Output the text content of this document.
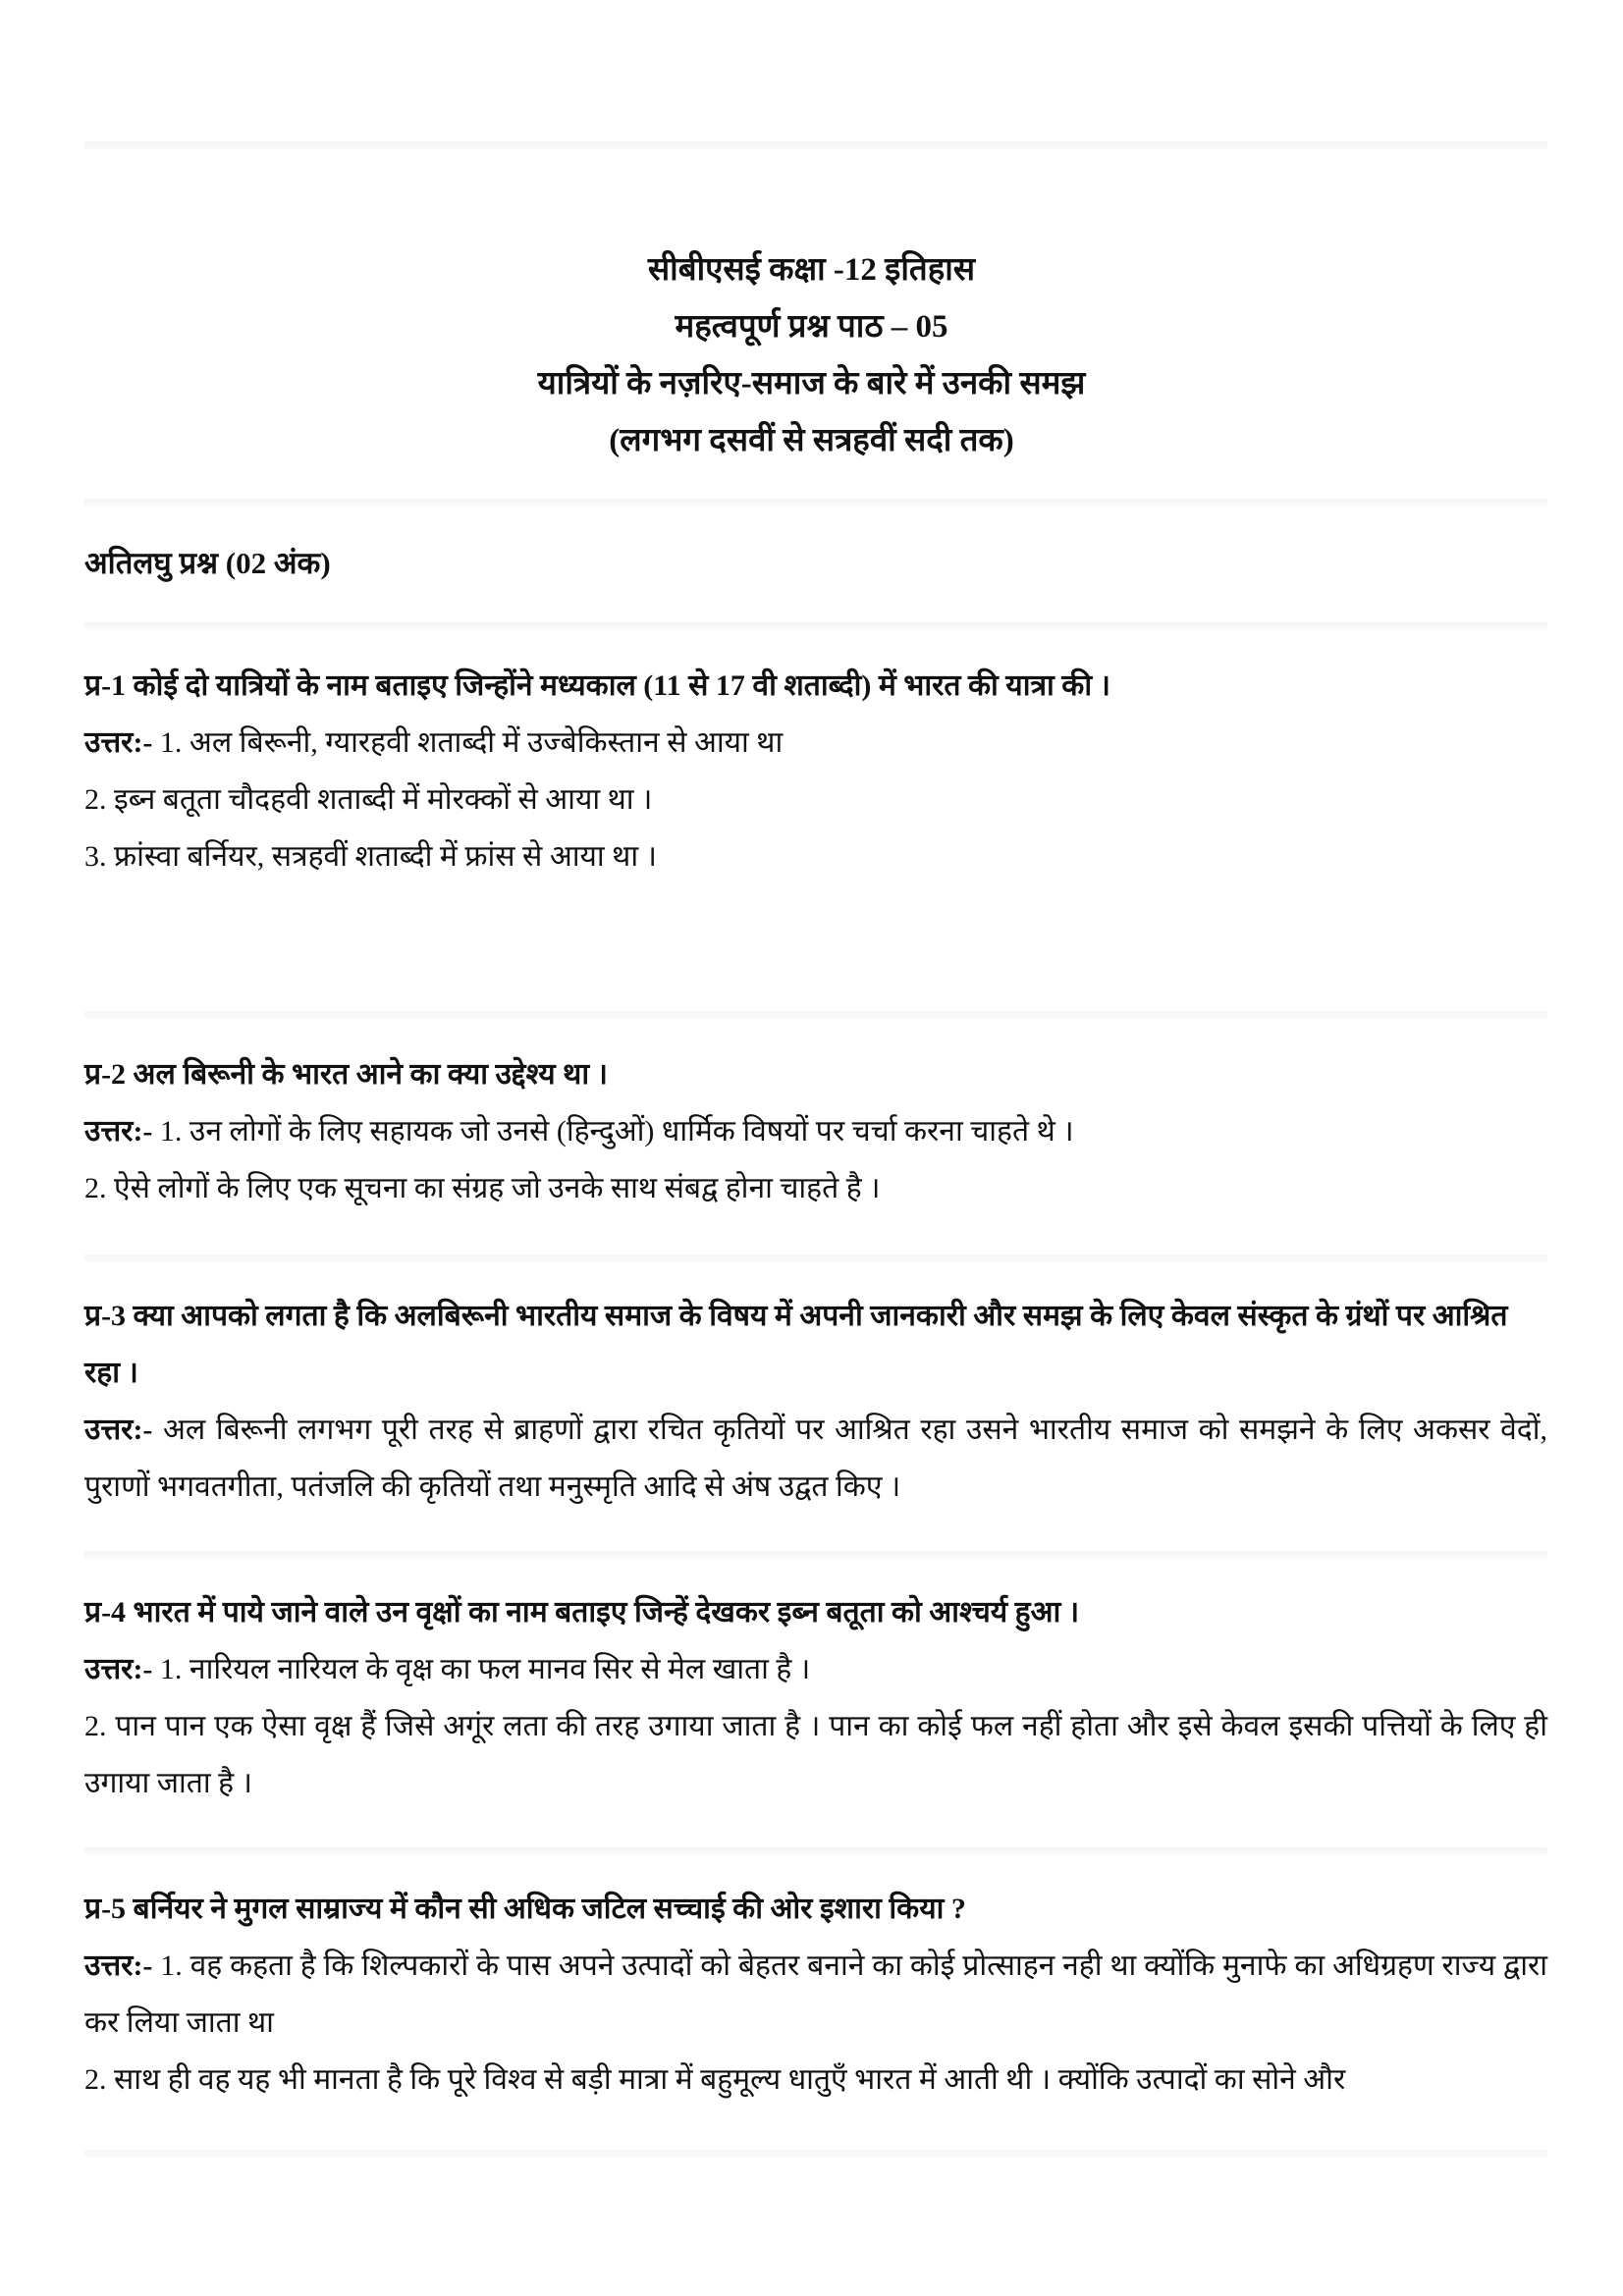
सीबीएसई कक्षा -12 इतिहास
महत्वपूर्ण प्रश्न पाठ – 05
यात्रियों के नज़रिए-समाज के बारे में उनकी समझ
(लगभग दसवीं से सत्रहवीं सदी तक)
अतिलघु प्रश्न (02 अंक)
प्र-1 कोई दो यात्रियों के नाम बताइए जिन्होंने मध्यकाल (11 से 17 वी शताब्दी) में भारत की यात्रा की ।
उत्तर:- 1. अल बिरूनी, ग्यारहवी शताब्दी में उज्बेकिस्तान से आया था
2. इब्न बतूता चौदहवी शताब्दी में मोरक्कों से आया था ।
3. फ्रांस्वा बर्नियर, सत्रहवीं शताब्दी में फ्रांस से आया था ।
प्र-2 अल बिरूनी के भारत आने का क्या उद्देश्य था ।
उत्तर:- 1. उन लोगों के लिए सहायक जो उनसे (हिन्दुओं) धार्मिक विषयों पर चर्चा करना चाहते थे ।
2. ऐसे लोगों के लिए एक सूचना का संग्रह जो उनके साथ संबद्व होना चाहते है ।
प्र-3 क्या आपको लगता है कि अलबिरूनी भारतीय समाज के विषय में अपनी जानकारी और समझ के लिए केवल संस्कृत के ग्रंथों पर आश्रित रहा ।
उत्तर:- अल बिरूनी लगभग पूरी तरह से ब्राहणों द्वारा रचित कृतियों पर आश्रित रहा उसने भारतीय समाज को समझने के लिए अकसर वेदों, पुराणों भगवतगीता, पतंजलि की कृतियों तथा मनुस्मृति आदि से अंष उद्वत किए ।
प्र-4 भारत में पाये जाने वाले उन वृक्षों का नाम बताइए जिन्हें देखकर इब्न बतूता को आश्चर्य हुआ ।
उत्तर:- 1. नारियल नारियल के वृक्ष का फल मानव सिर से मेल खाता है ।
2. पान पान एक ऐसा वृक्ष हैं जिसे अगूंर लता की तरह उगाया जाता है । पान का कोई फल नहीं होता और इसे केवल इसकी पत्तियों के लिए ही उगाया जाता है ।
प्र-5 बर्नियर ने मुगल साम्राज्य में कौन सी अधिक जटिल सच्चाई की ओर इशारा किया ?
उत्तर:- 1. वह कहता है कि शिल्पकारों के पास अपने उत्पादों को बेहतर बनाने का कोई प्रोत्साहन नही था क्योंकि मुनाफे का अधिग्रहण राज्य द्वारा कर लिया जाता था
2. साथ ही वह यह भी मानता है कि पूरे विश्व से बड़ी मात्रा में बहुमूल्य धातुएँ भारत में आती थी । क्योंकि उत्पादों का सोने और
